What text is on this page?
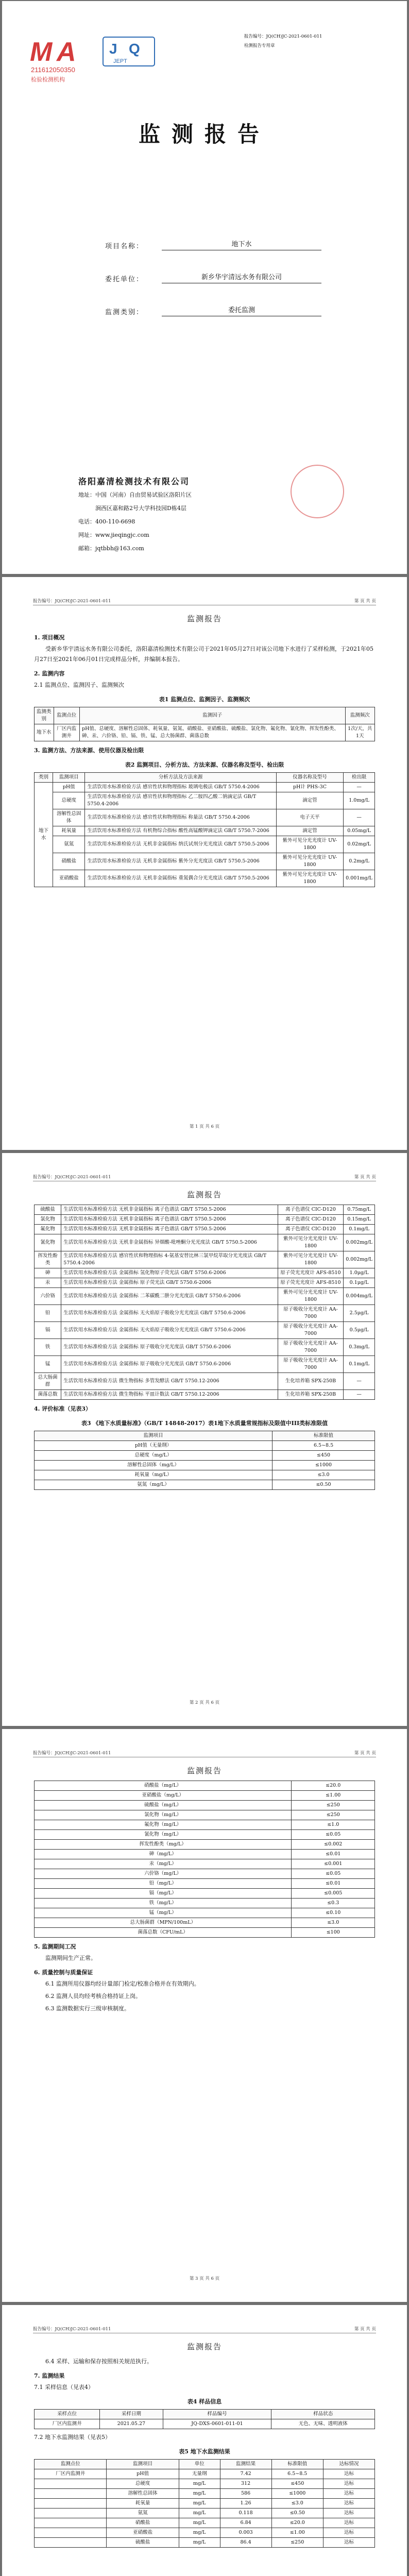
M A J Q
JEPT
211612050350
检验检测机构
报告编号：JQ(CH)JC-2021-0601-011
检测报告专用章
监测报告
项目名称：	地下水
委托单位：	新乡华宇清远水务有限公司
监测类别：	委托监测
洛阳嘉清检测技术有限公司
地址：中国（河南）自由贸易试验区洛阳片区
涧西区嘉和路2号大学科技园D栋4层
电话：400-110-6698
网址：www.jieqingjc.com
邮箱：jqtbbh@163.com
报告编号：JQ(CH)JC-2021-0601-011	第 页 共 页
监测报告
1. 项目概况

受新乡华宇清远水务有限公司委托，洛阳嘉清检测技术有限公司于2021年05月27日对该公司地下水进行了采样检测，于2021年05月27日至2021年06月01日完成样品分析，并编制本报告。

2. 监测内容
2.1 监测点位、监测因子、监测频次
表1 监测点位、监测因子、监测频次
监测类别	监测点位	监测因子	监测频次
地下水	厂区内监测井	pH值、总硬度、溶解性总固体、耗氧量、氨氮、硝酸盐、亚硝酸盐、硫酸盐、氯化物、氟化物、氰化物、挥发性酚类、砷、汞、六价铬、铅、镉、铁、锰、总大肠菌群、菌落总数	1次/天，共1天
3. 监测方法、方法来源、使用仪器及检出限
表2 监测项目、分析方法、方法来源、仪器名称及型号、检出限
类别	监测项目	分析方法及方法来源	仪器名称及型号	检出限
地下水	pH值	生活饮用水标准检验方法 感官性状和物理指标 玻璃电极法 GB/T 5750.4-2006	pH计 PHS-3C	—
	总硬度	生活饮用水标准检验方法 感官性状和物理指标 乙二胺四乙酸二钠滴定法 GB/T 5750.4-2006	滴定管	1.0mg/L
	溶解性总固体	生活饮用水标准检验方法 感官性状和物理指标 称量法 GB/T 5750.4-2006	电子天平	—
	耗氧量	生活饮用水标准检验方法 有机物综合指标 酸性高锰酸钾滴定法 GB/T 5750.7-2006	滴定管	0.05mg/L
	氨氮	生活饮用水标准检验方法 无机非金属指标 纳氏试剂分光光度法 GB/T 5750.5-2006	紫外可见分光光度计 UV-1800	0.02mg/L
	硝酸盐	生活饮用水标准检验方法 无机非金属指标 紫外分光光度法 GB/T 5750.5-2006	紫外可见分光光度计 UV-1800	0.2mg/L
	亚硝酸盐	生活饮用水标准检验方法 无机非金属指标 重氮偶合分光光度法 GB/T 5750.5-2006	紫外可见分光光度计 UV-1800	0.001mg/L
第 1 页 共 6 页
报告编号：JQ(CH)JC-2021-0601-011	第 页 共 页
监测报告
硫酸盐	生活饮用水标准检验方法 无机非金属指标 离子色谱法 GB/T 5750.5-2006	离子色谱仪 CIC-D120	0.75mg/L
氯化物	生活饮用水标准检验方法 无机非金属指标 离子色谱法 GB/T 5750.5-2006	离子色谱仪 CIC-D120	0.15mg/L
氟化物	生活饮用水标准检验方法 无机非金属指标 离子色谱法 GB/T 5750.5-2006	离子色谱仪 CIC-D120	0.1mg/L
氰化物	生活饮用水标准检验方法 无机非金属指标 异烟酸-吡唑酮分光光度法 GB/T 5750.5-2006	紫外可见分光光度计 UV-1800	0.002mg/L
挥发性酚类	生活饮用水标准检验方法 感官性状和物理指标 4-氨基安替比林三氯甲烷萃取分光光度法 GB/T 5750.4-2006	紫外可见分光光度计 UV-1800	0.002mg/L
砷	生活饮用水标准检验方法 金属指标 氢化物原子荧光法 GB/T 5750.6-2006	原子荧光光度计 AFS-8510	1.0μg/L
汞	生活饮用水标准检验方法 金属指标 原子荧光法 GB/T 5750.6-2006	原子荧光光度计 AFS-8510	0.1μg/L
六价铬	生活饮用水标准检验方法 金属指标 二苯碳酰二肼分光光度法 GB/T 5750.6-2006	紫外可见分光光度计 UV-1800	0.004mg/L
铅	生活饮用水标准检验方法 金属指标 无火焰原子吸收分光光度法 GB/T 5750.6-2006	原子吸收分光光度计 AA-7000	2.5μg/L
镉	生活饮用水标准检验方法 金属指标 无火焰原子吸收分光光度法 GB/T 5750.6-2006	原子吸收分光光度计 AA-7000	0.5μg/L
铁	生活饮用水标准检验方法 金属指标 原子吸收分光光度法 GB/T 5750.6-2006	原子吸收分光光度计 AA-7000	0.3mg/L
锰	生活饮用水标准检验方法 金属指标 原子吸收分光光度法 GB/T 5750.6-2006	原子吸收分光光度计 AA-7000	0.1mg/L
总大肠菌群	生活饮用水标准检验方法 微生物指标 多管发酵法 GB/T 5750.12-2006	生化培养箱 SPX-250B	—
菌落总数	生活饮用水标准检验方法 微生物指标 平皿计数法 GB/T 5750.12-2006	生化培养箱 SPX-250B	—
4. 评价标准（见表3）
表3 《地下水质量标准》（GB/T 14848-2017）表1地下水质量常规指标及限值中III类标准限值
监测项目	标准限值
pH值（无量纲）	6.5~8.5
总硬度（mg/L）	≤450
溶解性总固体（mg/L）	≤1000
耗氧量（mg/L）	≤3.0
氨氮（mg/L）	≤0.50
第 2 页 共 6 页
报告编号：JQ(CH)JC-2021-0601-011	第 页 共 页
监测报告
硝酸盐（mg/L）	≤20.0
亚硝酸盐（mg/L）	≤1.00
硫酸盐（mg/L）	≤250
氯化物（mg/L）	≤250
氟化物（mg/L）	≤1.0
氰化物（mg/L）	≤0.05
挥发性酚类（mg/L）	≤0.002
砷（mg/L）	≤0.01
汞（mg/L）	≤0.001
六价铬（mg/L）	≤0.05
铅（mg/L）	≤0.01
镉（mg/L）	≤0.005
铁（mg/L）	≤0.3
锰（mg/L）	≤0.10
总大肠菌群（MPN/100mL）	≤3.0
菌落总数（CFU/mL）	≤100
5. 监测期间工况

监测期间生产正常。

6. 质量控制与质量保证

6.1 监测所用仪器均经计量部门检定/校准合格并在有效期内。

6.2 监测人员均经考核合格持证上岗。

6.3 监测数据实行三级审核制度。

第 3 页 共 6 页
报告编号：JQ(CH)JC-2021-0601-011	第 页 共 页
监测报告

6.4 采样、运输和保存按照相关规范执行。

7. 监测结果
7.1 采样信息（见表4）
表4 样品信息
采样点位	采样日期	样品编号	样品状态
厂区内监测井	2021.05.27	JQ-DXS-0601-011-01	无色、无味、透明液体
7.2 地下水监测结果（见表5）
表5 地下水监测结果
监测点位	监测项目	单位	监测结果	标准限值	达标情况
厂区内监测井	pH值	无量纲	7.42	6.5~8.5	达标
	总硬度	mg/L	312	≤450	达标
	溶解性总固体	mg/L	586	≤1000	达标
	耗氧量	mg/L	1.26	≤3.0	达标
	氨氮	mg/L	0.118	≤0.50	达标
	硝酸盐	mg/L	6.84	≤20.0	达标
	亚硝酸盐	mg/L	0.003	≤1.00	达标
	硫酸盐	mg/L	86.4	≤250	达标
